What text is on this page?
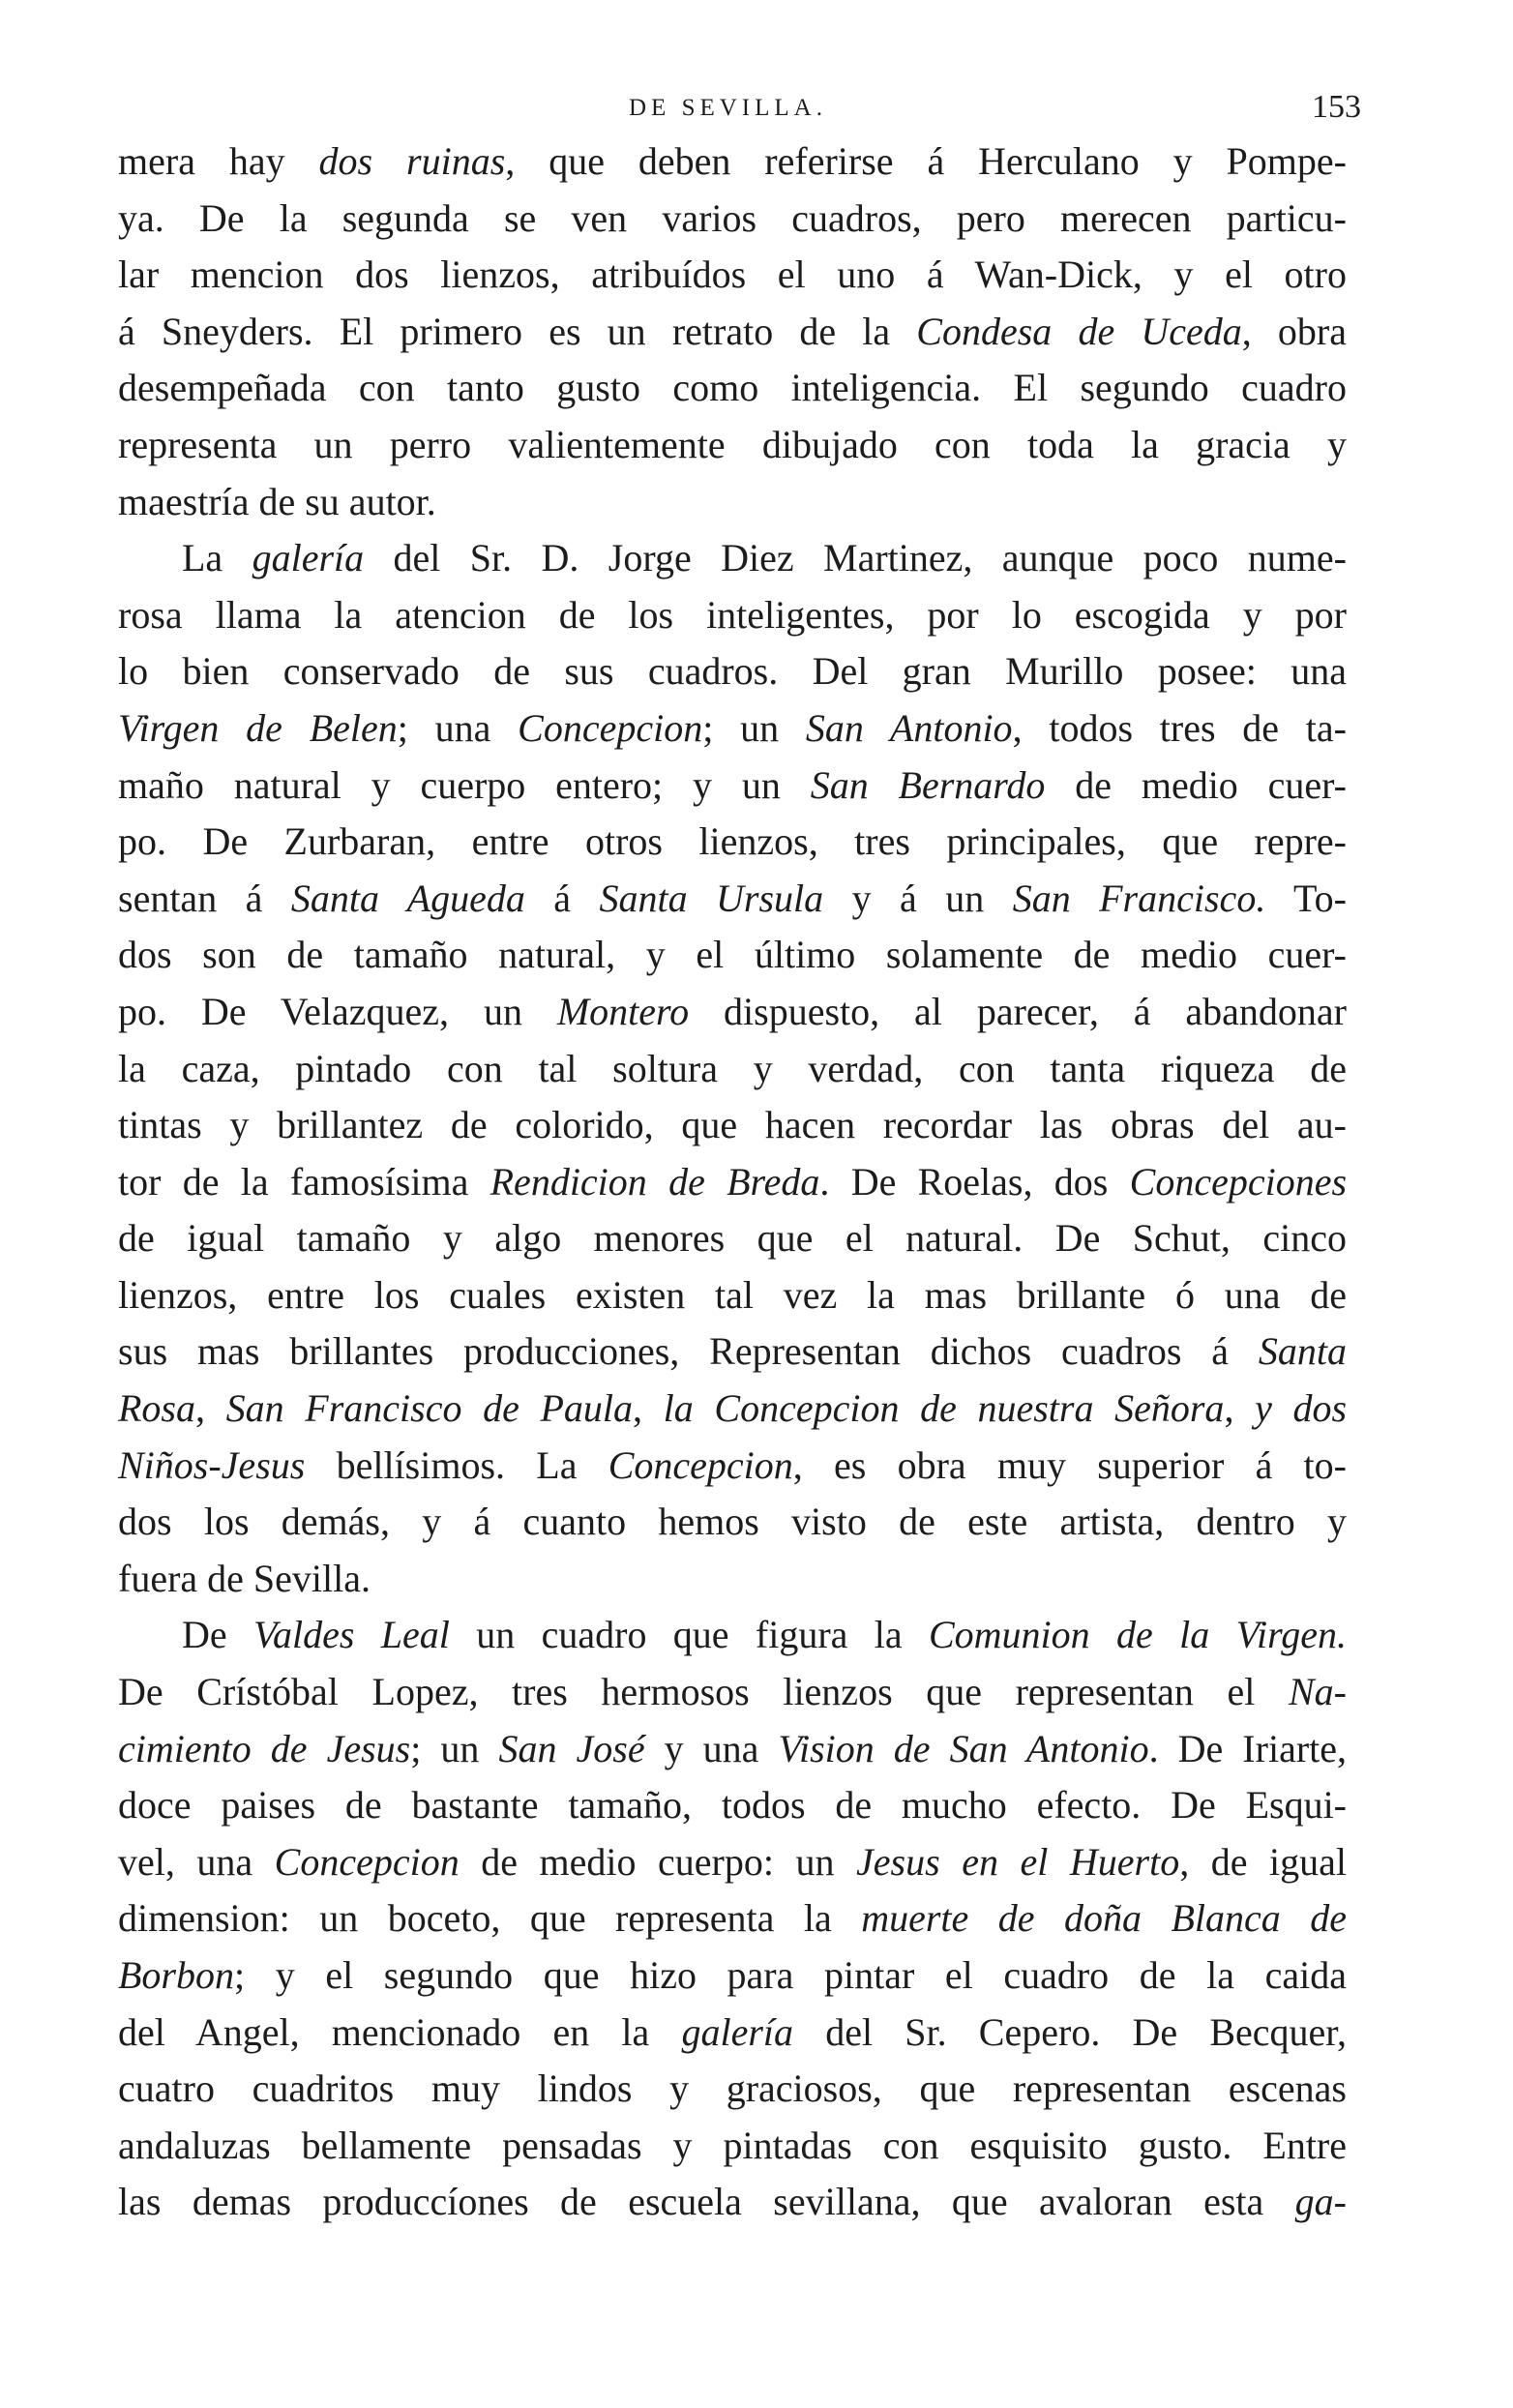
DE SEVILLA.	153
mera hay dos ruinas, que deben referirse á Herculano y Pompe-
ya. De la segunda se ven varios cuadros, pero merecen particu-
lar mencion dos lienzos, atribuídos el uno á Wan-Dick, y el otro
á Sneyders. El primero es un retrato de la Condesa de Uceda, obra
desempeñada con tanto gusto como inteligencia. El segundo cuadro
representa un perro valientemente dibujado con toda la gracia y
maestría de su autor.
La galería del Sr. D. Jorge Diez Martinez, aunque poco nume-
rosa llama la atencion de los inteligentes, por lo escogida y por
lo bien conservado de sus cuadros. Del gran Murillo posee: una
Virgen de Belen; una Concepcion; un San Antonio, todos tres de ta-
maño natural y cuerpo entero; y un San Bernardo de medio cuer-
po. De Zurbaran, entre otros lienzos, tres principales, que repre-
sentan á Santa Agueda á Santa Ursula y á un San Francisco. To-
dos son de tamaño natural, y el último solamente de medio cuer-
po. De Velazquez, un Montero dispuesto, al parecer, á abandonar
la caza, pintado con tal soltura y verdad, con tanta riqueza de
tintas y brillantez de colorido, que hacen recordar las obras del au-
tor de la famosísima Rendicion de Breda. De Roelas, dos Concepciones
de igual tamaño y algo menores que el natural. De Schut, cinco
lienzos, entre los cuales existen tal vez la mas brillante ó una de
sus mas brillantes producciones, Representan dichos cuadros á Santa
Rosa, San Francisco de Paula, la Concepcion de nuestra Señora, y dos
Niños-Jesus bellísimos. La Concepcion, es obra muy superior á to-
dos los demás, y á cuanto hemos visto de este artista, dentro y
fuera de Sevilla.
De Valdes Leal un cuadro que figura la Comunion de la Virgen.
De Crístóbal Lopez, tres hermosos lienzos que representan el Na-
cimiento de Jesus; un San José y una Vision de San Antonio. De Iriarte,
doce paises de bastante tamaño, todos de mucho efecto. De Esqui-
vel, una Concepcion de medio cuerpo: un Jesus en el Huerto, de igual
dimension: un boceto, que representa la muerte de doña Blanca de
Borbon; y el segundo que hizo para pintar el cuadro de la caida
del Angel, mencionado en la galería del Sr. Cepero. De Becquer,
cuatro cuadritos muy lindos y graciosos, que representan escenas
andaluzas bellamente pensadas y pintadas con esquisito gusto. Entre
las demas produccíones de escuela sevillana, que avaloran esta ga-
